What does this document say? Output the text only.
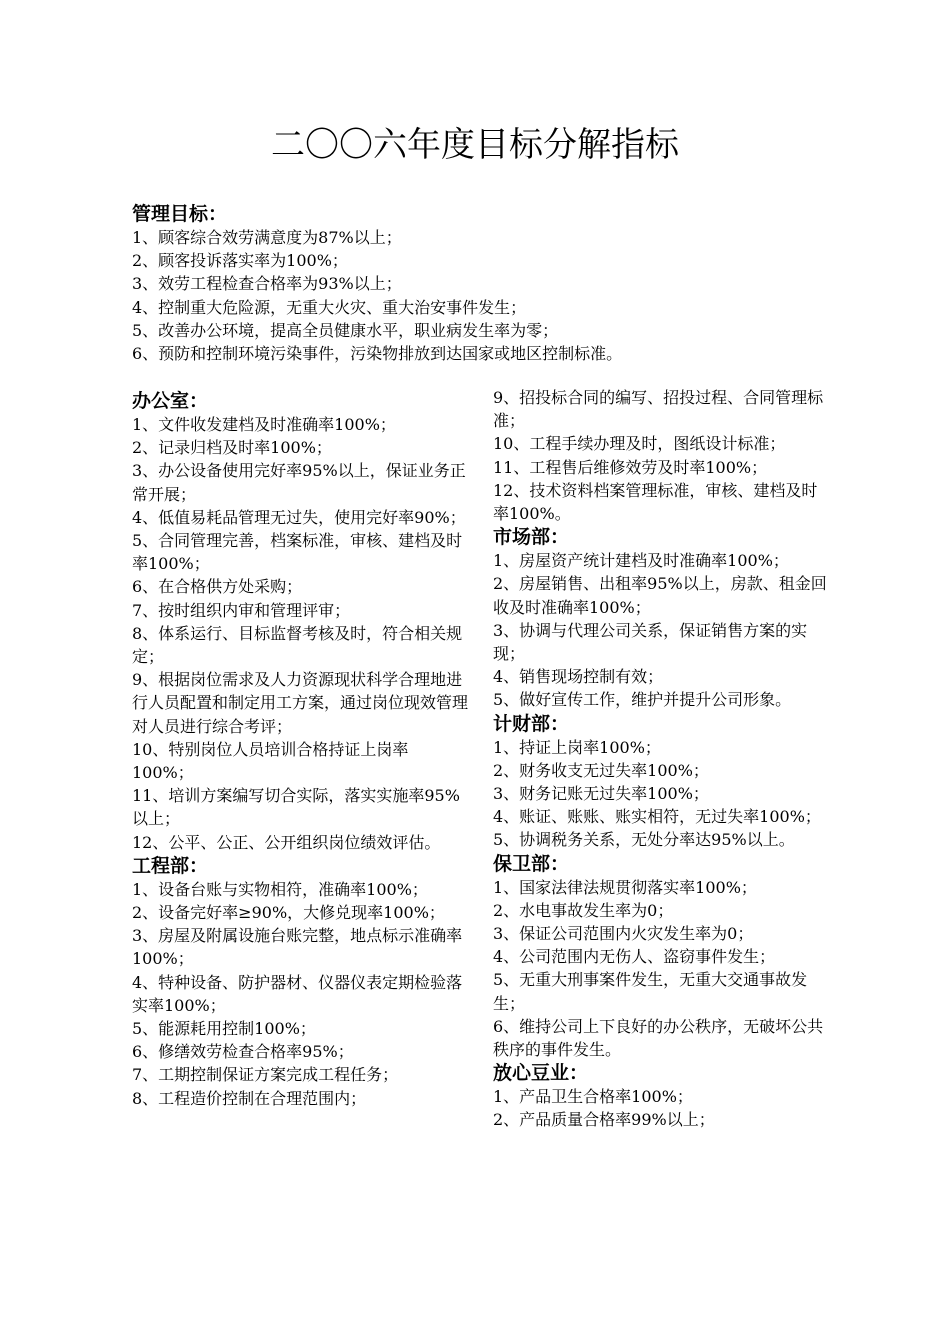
二〇〇六年度目标分解指标
管理目标：
1、顾客综合效劳满意度为87%以上；
2、顾客投诉落实率为100%；
3、效劳工程检查合格率为93%以上；
4、控制重大危险源，无重大火灾、重大治安事件发生；
5、改善办公环境，提高全员健康水平，职业病发生率为零；
6、预防和控制环境污染事件，污染物排放到达国家或地区控制标准。
办公室：
1、文件收发建档及时准确率100%；
2、记录归档及时率100%；
3、办公设备使用完好率95%以上，保证业务正常开展；
4、低值易耗品管理无过失，使用完好率90%；
5、合同管理完善，档案标准，审核、建档及时率100%；
6、在合格供方处采购；
7、按时组织内审和管理评审；
8、体系运行、目标监督考核及时，符合相关规定；
9、根据岗位需求及人力资源现状科学合理地进行人员配置和制定用工方案，通过岗位现效管理对人员进行综合考评；
10、特别岗位人员培训合格持证上岗率100%；
11、培训方案编写切合实际，落实实施率95%以上；
12、公平、公正、公开组织岗位绩效评估。
工程部：
1、设备台账与实物相符，准确率100%；
2、设备完好率≥90%，大修兑现率100%；
3、房屋及附属设施台账完整，地点标示准确率100%；
4、特种设备、防护器材、仪器仪表定期检验落实率100%；
5、能源耗用控制100%；
6、修缮效劳检查合格率95%；
7、工期控制保证方案完成工程任务；
8、工程造价控制在合理范围内；
9、招投标合同的编写、招投过程、合同管理标准；
10、工程手续办理及时，图纸设计标准；
11、工程售后维修效劳及时率100%；
12、技术资料档案管理标准，审核、建档及时率100%。
市场部：
1、房屋资产统计建档及时准确率100%；
2、房屋销售、出租率95%以上，房款、租金回收及时准确率100%；
3、协调与代理公司关系，保证销售方案的实现；
4、销售现场控制有效；
5、做好宣传工作，维护并提升公司形象。
计财部：
1、持证上岗率100%；
2、财务收支无过失率100%；
3、财务记账无过失率100%；
4、账证、账账、账实相符，无过失率100%；
5、协调税务关系，无处分率达95%以上。
保卫部：
1、国家法律法规贯彻落实率100%；
2、水电事故发生率为0；
3、保证公司范围内火灾发生率为0；
4、公司范围内无伤人、盗窃事件发生；
5、无重大刑事案件发生，无重大交通事故发生；
6、维持公司上下良好的办公秩序，无破坏公共秩序的事件发生。
放心豆业：
1、产品卫生合格率100%；
2、产品质量合格率99%以上；
